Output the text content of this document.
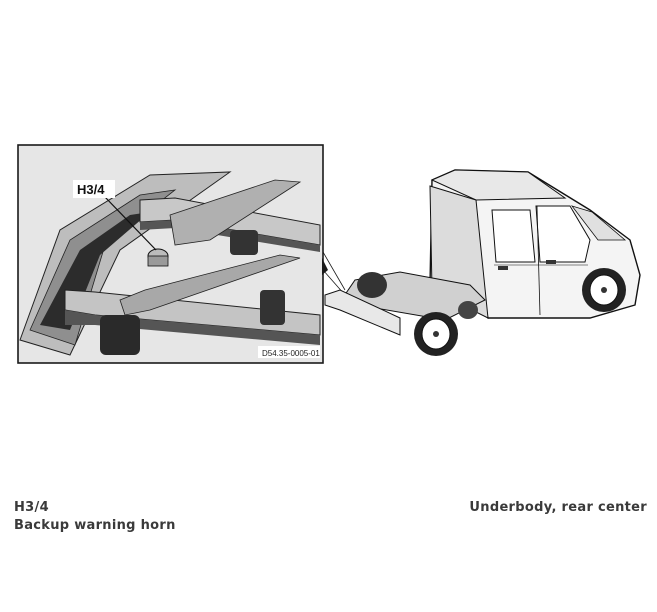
H3/4
D54.35-0005-01
H3/4
Backup warning horn
Underbody, rear center
